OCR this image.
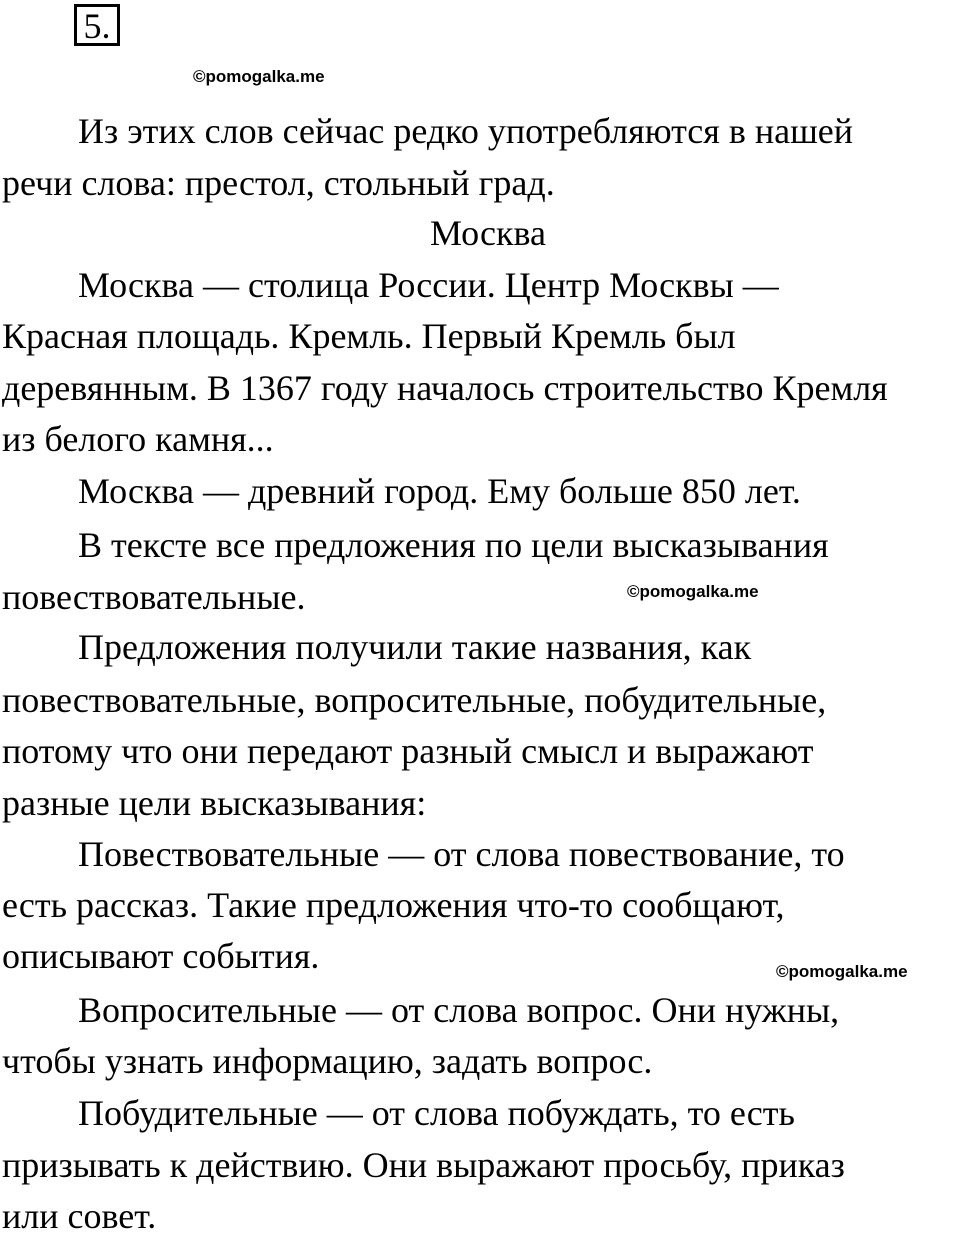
5.
©pomogalka.me
Из этих слов сейчас редко употребляются в нашей
речи слова: престол, стольный град.
Москва
Москва — столица России. Центр Москвы —
Красная площадь. Кремль. Первый Кремль был
деревянным. В 1367 году началось строительство Кремля
из белого камня...
Москва — древний город. Ему больше 850 лет.
В тексте все предложения по цели высказывания
повествовательные.	©pomogalka.me
Предложения получили такие названия, как
повествовательные, вопросительные, побудительные,
потому что они передают разный смысл и выражают
разные цели высказывания:
Повествовательные — от слова повествование, то
есть рассказ. Такие предложения что-то сообщают,
описывают события.	©pomogalka.me
Вопросительные — от слова вопрос. Они нужны,
чтобы узнать информацию, задать вопрос.
Побудительные — от слова побуждать, то есть
призывать к действию. Они выражают просьбу, приказ
или совет.
